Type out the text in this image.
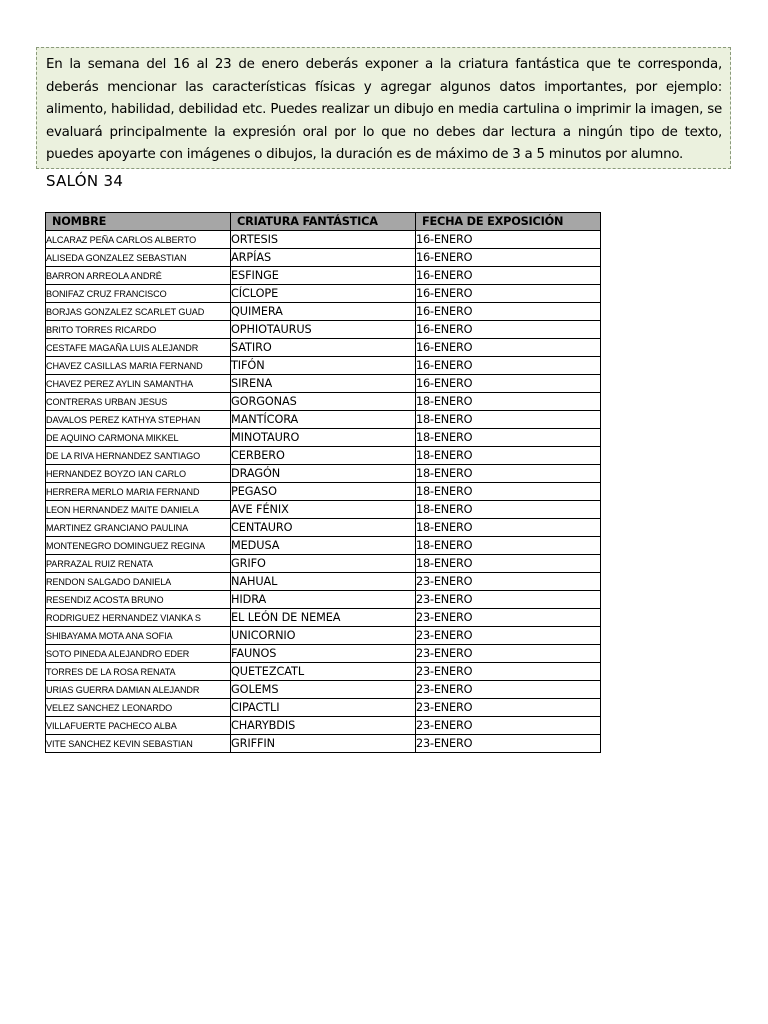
En la semana del 16 al 23 de enero deberás exponer a la criatura fantástica que te corresponda, deberás mencionar las características físicas y agregar algunos datos importantes, por ejemplo: alimento, habilidad, debilidad etc. Puedes realizar un dibujo en media cartulina o imprimir la imagen, se evaluará principalmente la expresión oral por lo que no debes dar lectura a ningún tipo de texto, puedes apoyarte con imágenes o dibujos, la duración es de máximo de 3 a 5 minutos por alumno.

SALÓN 34
NOMBRE	CRIATURA FANTÁSTICA	FECHA DE EXPOSICIÓN
ALCARAZ PEÑA CARLOS ALBERTO	ORTESIS	16-ENERO
ALISEDA GONZALEZ SEBASTIAN	ARPÍAS	16-ENERO
BARRON ARREOLA ANDRÉ	ESFINGE	16-ENERO
BONIFAZ CRUZ FRANCISCO	CÍCLOPE	16-ENERO
BORJAS GONZALEZ SCARLET GUAD	QUIMERA	16-ENERO
BRITO TORRES RICARDO	OPHIOTAURUS	16-ENERO
CESTAFE MAGAÑA LUIS ALEJANDR	SATIRO	16-ENERO
CHAVEZ CASILLAS MARIA FERNAND	TIFÓN	16-ENERO
CHAVEZ PEREZ AYLIN SAMANTHA	SIRENA	16-ENERO
CONTRERAS URBAN JESUS	GORGONAS	18-ENERO
DAVALOS PEREZ KATHYA STEPHAN	MANTÍCORA	18-ENERO
DE AQUINO CARMONA MIKKEL	MINOTAURO	18-ENERO
DE LA RIVA HERNANDEZ SANTIAGO	CERBERO	18-ENERO
HERNANDEZ BOYZO IAN CARLO	DRAGÓN	18-ENERO
HERRERA MERLO MARIA FERNAND	PEGASO	18-ENERO
LEON HERNANDEZ MAITE DANIELA	AVE FÉNIX	18-ENERO
MARTINEZ GRANCIANO PAULINA	CENTAURO	18-ENERO
MONTENEGRO DOMINGUEZ REGINA	MEDUSA	18-ENERO
PARRAZAL RUIZ RENATA	GRIFO	18-ENERO
RENDON SALGADO DANIELA	NAHUAL	23-ENERO
RESENDIZ ACOSTA BRUNO	HIDRA	23-ENERO
RODRIGUEZ HERNANDEZ VIANKA S	EL LEÓN DE NEMEA	23-ENERO
SHIBAYAMA MOTA ANA SOFIA	UNICORNIO	23-ENERO
SOTO PINEDA ALEJANDRO EDER	FAUNOS	23-ENERO
TORRES DE LA ROSA RENATA	QUETEZCATL	23-ENERO
URIAS GUERRA DAMIAN ALEJANDR	GOLEMS	23-ENERO
VELEZ SANCHEZ LEONARDO	CIPACTLI	23-ENERO
VILLAFUERTE PACHECO ALBA	CHARYBDIS	23-ENERO
VITE SANCHEZ KEVIN SEBASTIAN	GRIFFIN	23-ENERO
